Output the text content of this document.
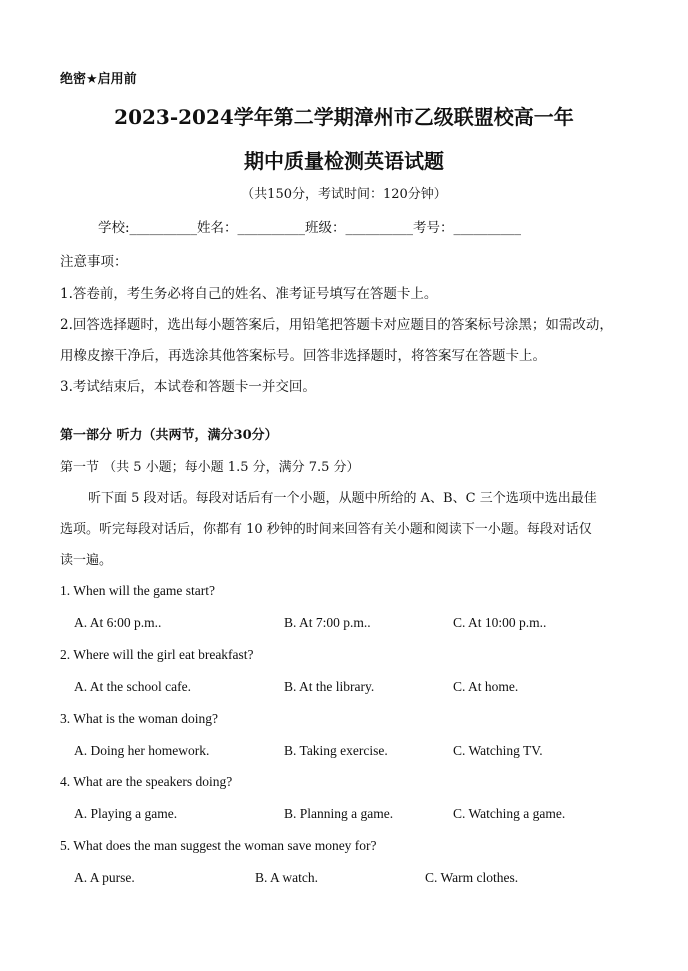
绝密★启用前
2023-2024学年第二学期漳州市乙级联盟校高一年
期中质量检测英语试题
（共150分，考试时间：120分钟）
学校:__________姓名：__________班级：__________考号：__________
注意事项：
1.答卷前，考生务必将自己的姓名、准考证号填写在答题卡上。
2.回答选择题时，选出每小题答案后，用铅笔把答题卡对应题目的答案标号涂黑；如需改动，
用橡皮擦干净后，再选涂其他答案标号。回答非选择题时，将答案写在答题卡上。
3.考试结束后，本试卷和答题卡一并交回。
第一部分 听力（共两节，满分30分）
第一节 （共 5 小题；每小题 1.5 分，满分 7.5 分）
听下面 5 段对话。每段对话后有一个小题，从题中所给的 A、B、C 三个选项中选出最佳
选项。听完每段对话后，你都有 10 秒钟的时间来回答有关小题和阅读下一小题。每段对话仅
读一遍。
1. When will the game start?
A. At 6:00 p.m..	B. At 7:00 p.m..	C. At 10:00 p.m..
2. Where will the girl eat breakfast?
A. At the school cafe.	B. At the library.	C. At home.
3. What is the woman doing?
A. Doing her homework.	B. Taking exercise.	C. Watching TV.
4. What are the speakers doing?
A. Playing a game.	B. Planning a game.	C. Watching a game.
5. What does the man suggest the woman save money for?
A. A purse.	B. A watch.	C. Warm clothes.
